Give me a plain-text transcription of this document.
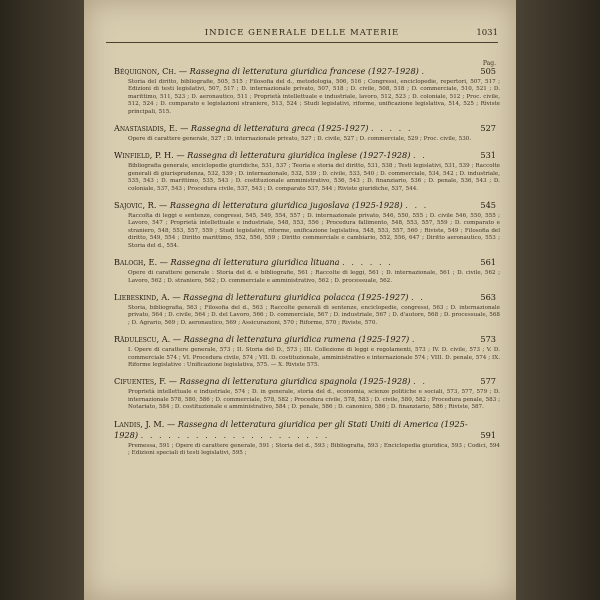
INDICE GENERALE DELLE MATERIE	1031
Pag.
Béquignon, Ch. — Rassegna di letteratura giuridica francese (1927-1928) .	505
Storia del diritto, bibliografie, 505, 515 ; Filosofia del d., metodologia, 506, 516 ; Congressi, enciclopedie, repertori, 507, 517 ; Edizioni di testi legislativi, 507, 517 ; D. internazionale privato, 507, 518 ; D. civile, 508, 518 ; D. commerciale, 510, 521 ; D. marittimo, 511, 523 ; D. aeronautico, 511 ; Proprietà intellettuale e industriale, lavoro, 512, 523 ; D. coloniale, 512 ; Proc. civile, 512, 524 ; D. comparato e legislazioni straniere, 513, 524 ; Studi legislativi, riforme, unificazione legislativa, 514, 525 ; Riviste principali, 515.
Anastasiadis, E. — Rassegna di letteratura greca (1925-1927) . . . . .	527
Opere di carattere generale, 527 ; D. internazionale privato, 527 ; D. civile, 527 ; D. commerciale, 529 ; Proc. civile, 530.
Winfield, P. H. — Rassegna di letteratura giuridica inglese (1927-1928) . .	531
Bibliografia generale, enciclopedie giuridiche, 531, 537 ; Teoria e storia del diritto, 531, 538 ; Testi legislativi, 531, 539 ; Raccolte generali di giurisprudenza, 532, 539 ; D. internazionale, 532, 539 ; D. civile, 533, 540 ; D. commerciale, 534, 542 ; D. industriale, 535, 543 ; D. marittimo, 535, 543 ; D. costituzionale amministrativo, 536, 543 ; D. finanziario, 536 ; D. penale, 536, 543 ; D. coloniale, 537, 543 ; Procedura civile, 537, 543 ; D. comparato 537, 544 ; Riviste giuridiche, 537, 544.
Sajovic, R. — Rassegna di letteratura giuridica jugoslava (1925-1928) . . .	545
Raccolta di leggi e sentenze, congressi, 545, 549, 554, 557 ; D. internazionale privato, 546, 550, 555 ; D. civile 546, 550, 555 ; Lavoro, 547 ; Proprietà intellettuale e industriale, 548, 553, 556 ; Procedura fallimento, 548, 553, 557, 559 ; D. comparato e straniero, 548, 553, 557, 559 ; Studi legislativi, riforme, unificazione legislativa, 548, 553, 557, 560 ; Riviste, 549 ; Filosofia del diritto, 549, 554 ; Diritto marittimo, 552, 556, 559 ; Diritto commerciale e cambiario, 552, 556, 647 ; Diritto aeronautico, 553 ; Storia del d., 554.
Balogh, E. — Rassegna di letteratura giuridica lituana . . . . . .	561
Opere di carattere generale : Storia del d. e bibliografie, 561 ; Raccolte di leggi, 561 ; D. internazionale, 561 ; D. civile, 562 ; Lavoro, 562 ; D. straniero, 562 ; D. commerciale e amministrativo, 562 ; D. processuale, 562.
Liebeskind, A. — Rassegna di letteratura giuridica polacca (1925-1927) . .	563
Storia, bibliografia, 563 ; Filosofia del d., 563 ; Raccolte generali di sentenze, enciclopedie, congressi, 563 ; D. internazionale privato, 564 ; D. civile, 564 ; D. del Lavoro, 566 ; D. commerciale, 567 ; D. industriale, 567 ; D. d'autore, 568 ; D. processuale, 568 ; D. Agrario, 569 ; D. aeronautico, 569 ; Assicurazioni, 570 ; Riforme, 570 ; Riviste, 570.
Rădulescu, A. — Rassegna di letteratura giuridica rumena (1925-1927) .	573
I. Opere di carattere generale, 573 ; II. Storia del D., 573 ; III. Collezione di leggi e regolamenti, 573 ; IV. D. civile, 573 ; V. D. commerciale 574 ; VI. Procedura civile, 574 ; VII. D. costituzionale, amministrativo e internazionale 574 ; VIII. D. penale, 574 ; IX. Riforme legislative : Unificazione legislativa, 575. — X. Riviste 575.
Cifuentes, F. — Rassegna di letteratura giuridica spagnola (1925-1928) . .	577
Proprietà intellettuale e industriale, 574 ; D. in generale, storia del d., economia, scienze politiche e sociali, 573, 577, 579 ; D. internazionale 578, 580, 586 ; D. commerciale, 578, 582 ; Procedura civile, 578, 583 ; D. civile, 580, 582 ; Procedura penale, 583 ; Notariato, 584 ; D. costituzionale e amministrativo, 584 ; D. penale, 586 ; D. canonico, 586 ; D. finanziario, 586 ; Riviste, 587.
Landis, J. M. — Rassegna di letteratura giuridica per gli Stati Uniti di America (1925-1928) . . . . . . . . . . . . . . . . . . . . .	591
Premessa, 591 ; Opere di carattere generale, 591 ; Storia del d., 593 ; Bibliografia, 593 ; Enciclopedia giuridica, 593 ; Codici, 594 ; Edizioni speciali di testi legislativi, 595 ;
